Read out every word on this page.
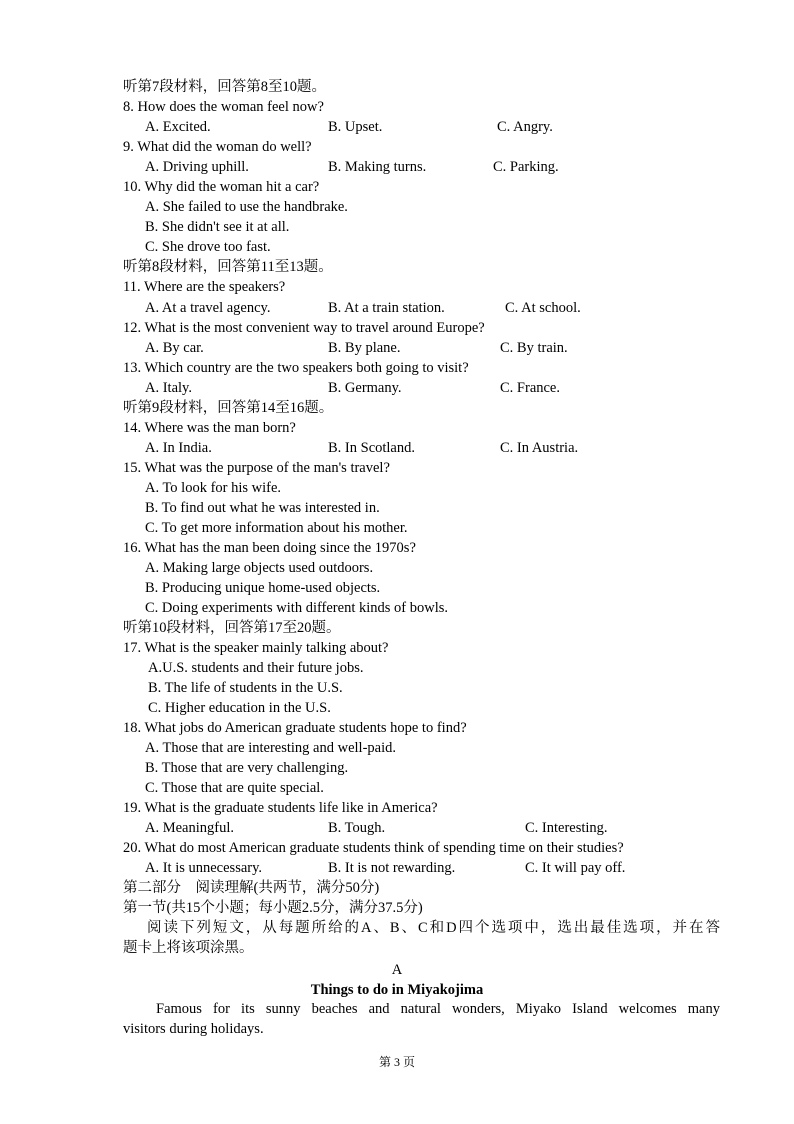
听第7段材料，回答第8至10题。
8. How does the woman feel now?
A. Excited.	B. Upset.	C. Angry.
9. What did the woman do well?
A. Driving uphill.	B. Making turns.	C. Parking.
10. Why did the woman hit a car?
A. She failed to use the handbrake.
B. She didn't see it at all.
C. She drove too fast.
听第8段材料，回答第11至13题。
11. Where are the speakers?
A. At a travel agency.	B. At a train station.	C. At school.
12. What is the most convenient way to travel around Europe?
A. By car.	B. By plane.	C. By train.
13. Which country are the two speakers both going to visit?
A. Italy.	B. Germany.	C. France.
听第9段材料，回答第14至16题。
14. Where was the man born?
A. In India.	B. In Scotland.	C. In Austria.
15. What was the purpose of the man's travel?
A. To look for his wife.
B. To find out what he was interested in.
C. To get more information about his mother.
16. What has the man been doing since the 1970s?
A. Making large objects used outdoors.
B. Producing unique home-used objects.
C. Doing experiments with different kinds of bowls.
听第10段材料，回答第17至20题。
17. What is the speaker mainly talking about?
A.U.S. students and their future jobs.
B. The life of students in the U.S.
C. Higher education in the U.S.
18. What jobs do American graduate students hope to find?
A. Those that are interesting and well-paid.
B. Those that are very challenging.
C. Those that are quite special.
19. What is the graduate students life like in America?
A. Meaningful.	B. Tough.	C. Interesting.
20. What do most American graduate students think of spending time on their studies?
A. It is unnecessary.	B. It is not rewarding.	C. It will pay off.
第二部分　阅读理解(共两节，满分50分)
第一节(共15个小题；每小题2.5分，满分37.5分)
阅读下列短文，从每题所给的A、B、C和D四个选项中，选出最佳选项，并在答
题卡上将该项涂黑。
A
Things to do in Miyakojima
Famous for its sunny beaches and natural wonders, Miyako Island welcomes many
visitors during holidays.
第 3 页
